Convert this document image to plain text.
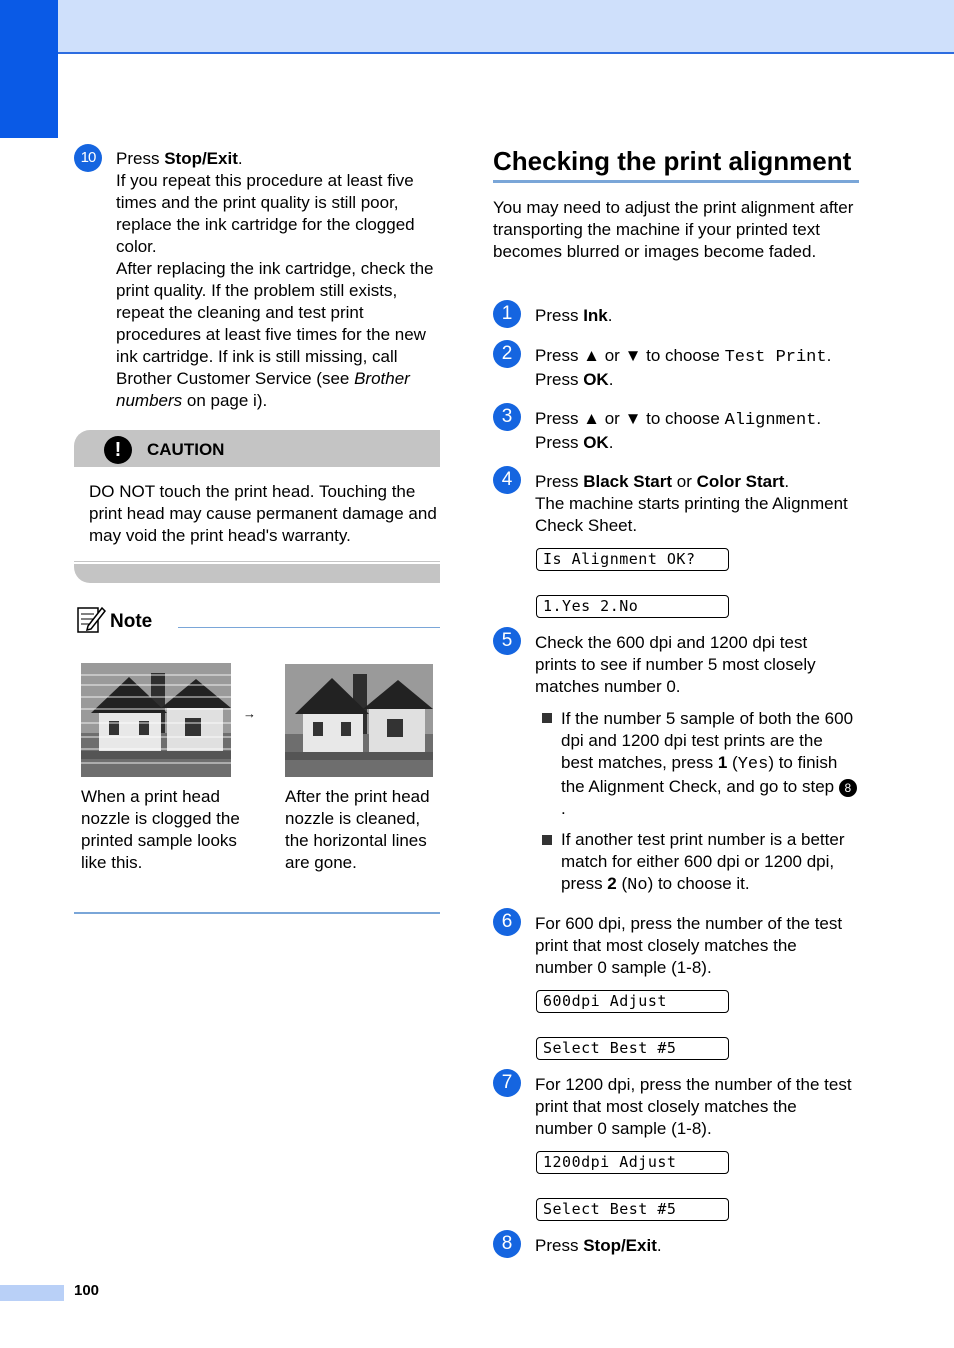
100
10	Press Stop/Exit.
If you repeat this procedure at least five times and the print quality is still poor, replace the ink cartridge for the clogged color.
After replacing the ink cartridge, check the print quality. If the problem still exists, repeat the cleaning and test print procedures at least five times for the new ink cartridge. If ink is still missing, call Brother Customer Service (see Brother numbers on page i).
!	CAUTION
DO NOT touch the print head. Touching the print head may cause permanent damage and may void the print head's warranty.
Note
→
When a print head nozzle is clogged the printed sample looks like this.
After the print head nozzle is cleaned, the horizontal lines are gone.
Checking the print alignment
You may need to adjust the print alignment after transporting the machine if your printed text becomes blurred or images become faded.
1	Press Ink.
2	Press ▲ or ▼ to choose Test Print.
Press OK.
3	Press ▲ or ▼ to choose Alignment.
Press OK.
4	Press Black Start or Color Start.
The machine starts printing the Alignment Check Sheet.
Is Alignment OK?
1.Yes 2.No
5	Check the 600 dpi and 1200 dpi test prints to see if number 5 most closely matches number 0.
If the number 5 sample of both the 600 dpi and 1200 dpi test prints are the best matches, press 1 (Yes) to finish the Alignment Check, and go to step 8.
If another test print number is a better match for either 600 dpi or 1200 dpi, press 2 (No) to choose it.
6	For 600 dpi, press the number of the test print that most closely matches the number 0 sample (1-8).
600dpi Adjust
Select Best #5
7	For 1200 dpi, press the number of the test print that most closely matches the number 0 sample (1-8).
1200dpi Adjust
Select Best #5
8	Press Stop/Exit.
